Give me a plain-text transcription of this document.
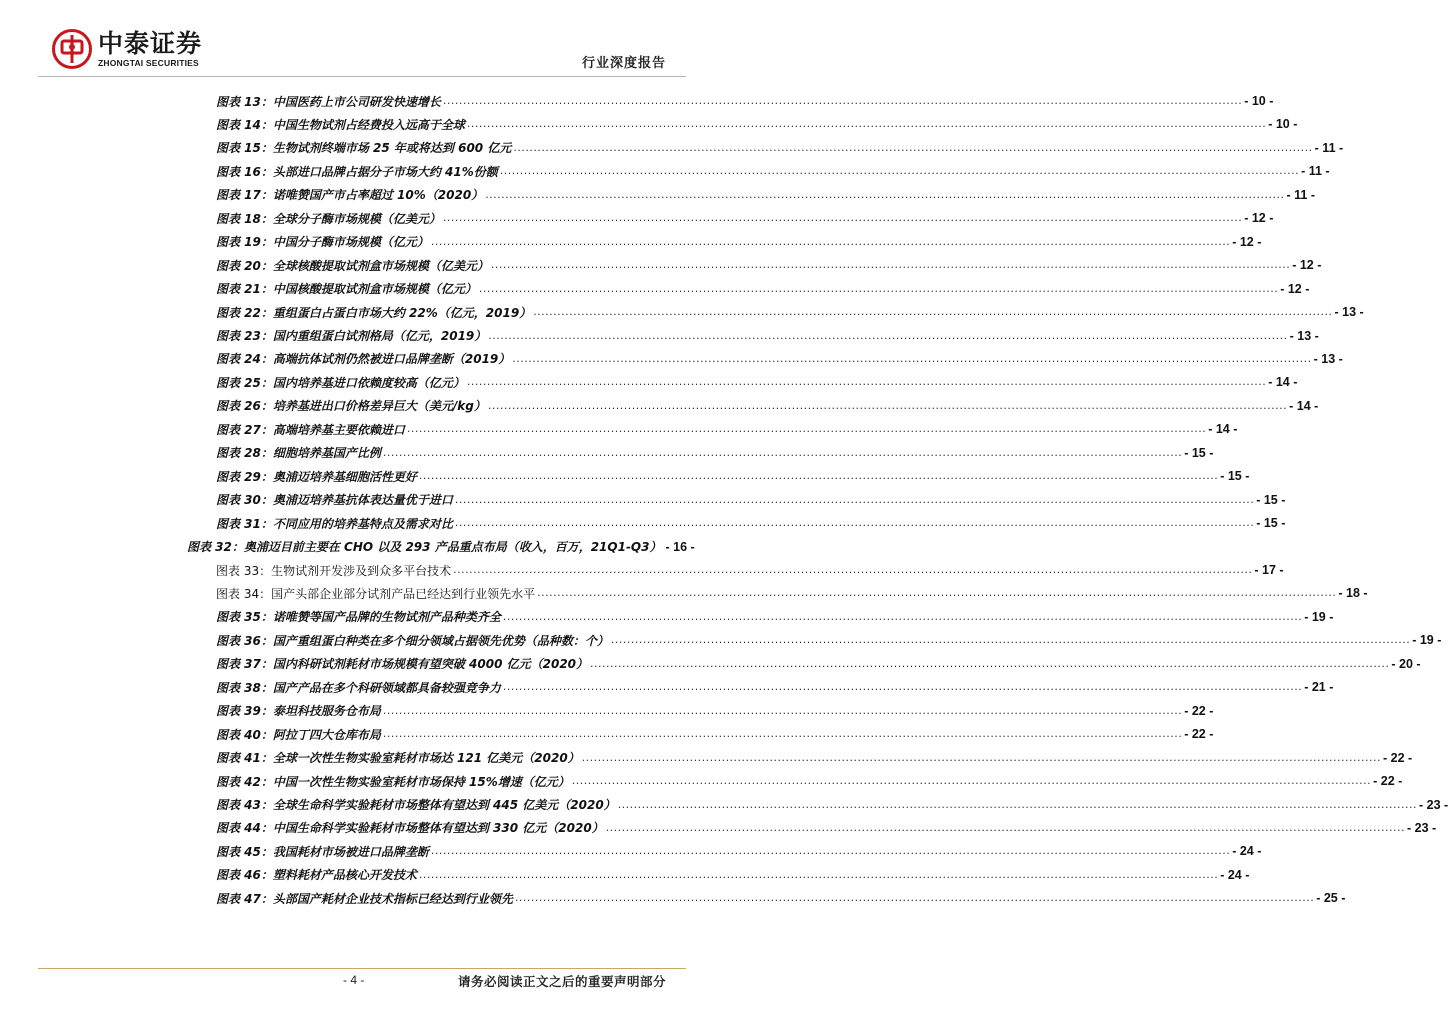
中泰证券
ZHONGTAI SECURITIES	行业深度报告
图表 13：中国医药上市公司研发快速增长 ........................................................................................................................................................................................................ - 10 -
图表 14：中国生物试剂占经费投入远高于全球 ........................................................................................................................................................................................................ - 10 -
图表 15：生物试剂终端市场 25 年或将达到 600 亿元 ........................................................................................................................................................................................................ - 11 -
图表 16：头部进口品牌占据分子市场大约 41%份额 ........................................................................................................................................................................................................ - 11 -
图表 17：诺唯赞国产市占率超过 10%（2020） ........................................................................................................................................................................................................ - 11 -
图表 18：全球分子酶市场规模（亿美元） ........................................................................................................................................................................................................ - 12 -
图表 19：中国分子酶市场规模（亿元） ........................................................................................................................................................................................................ - 12 -
图表 20：全球核酸提取试剂盒市场规模（亿美元） ........................................................................................................................................................................................................ - 12 -
图表 21：中国核酸提取试剂盒市场规模（亿元） ........................................................................................................................................................................................................ - 12 -
图表 22：重组蛋白占蛋白市场大约 22%（亿元，2019） ........................................................................................................................................................................................................ - 13 -
图表 23：国内重组蛋白试剂格局（亿元，2019） ........................................................................................................................................................................................................ - 13 -
图表 24：高端抗体试剂仍然被进口品牌垄断（2019） ........................................................................................................................................................................................................ - 13 -
图表 25：国内培养基进口依赖度较高（亿元） ........................................................................................................................................................................................................ - 14 -
图表 26：培养基进出口价格差异巨大（美元/kg） ........................................................................................................................................................................................................ - 14 -
图表 27：高端培养基主要依赖进口 ........................................................................................................................................................................................................ - 14 -
图表 28：细胞培养基国产比例 ........................................................................................................................................................................................................ - 15 -
图表 29：奥浦迈培养基细胞活性更好 ........................................................................................................................................................................................................ - 15 -
图表 30：奥浦迈培养基抗体表达量优于进口 ........................................................................................................................................................................................................ - 15 -
图表 31：不同应用的培养基特点及需求对比 ........................................................................................................................................................................................................ - 15 -
图表 32：奥浦迈目前主要在 CHO 以及 293 产品重点布局（收入，百万，21Q1-Q3） - 16 -
图表 33：生物试剂开发涉及到众多平台技术 ........................................................................................................................................................................................................ - 17 -
图表 34：国产头部企业部分试剂产品已经达到行业领先水平 ........................................................................................................................................................................................................ - 18 -
图表 35：诺唯赞等国产品牌的生物试剂产品种类齐全 ........................................................................................................................................................................................................ - 19 -
图表 36：国产重组蛋白种类在多个细分领域占据领先优势（品种数：个） ........................................................................................................................................................................................................ - 19 -
图表 37：国内科研试剂耗材市场规模有望突破 4000 亿元（2020） ........................................................................................................................................................................................................ - 20 -
图表 38：国产产品在多个科研领域都具备较强竞争力 ........................................................................................................................................................................................................ - 21 -
图表 39：泰坦科技服务仓布局 ........................................................................................................................................................................................................ - 22 -
图表 40：阿拉丁四大仓库布局 ........................................................................................................................................................................................................ - 22 -
图表 41：全球一次性生物实验室耗材市场达 121 亿美元（2020） ........................................................................................................................................................................................................ - 22 -
图表 42：中国一次性生物实验室耗材市场保持 15%增速（亿元） ........................................................................................................................................................................................................ - 22 -
图表 43：全球生命科学实验耗材市场整体有望达到 445 亿美元（2020） ........................................................................................................................................................................................................ - 23 -
图表 44：中国生命科学实验耗材市场整体有望达到 330 亿元（2020） ........................................................................................................................................................................................................ - 23 -
图表 45：我国耗材市场被进口品牌垄断 ........................................................................................................................................................................................................ - 24 -
图表 46：塑料耗材产品核心开发技术 ........................................................................................................................................................................................................ - 24 -
图表 47：头部国产耗材企业技术指标已经达到行业领先 ........................................................................................................................................................................................................ - 25 -
- 4 -	请务必阅读正文之后的重要声明部分
